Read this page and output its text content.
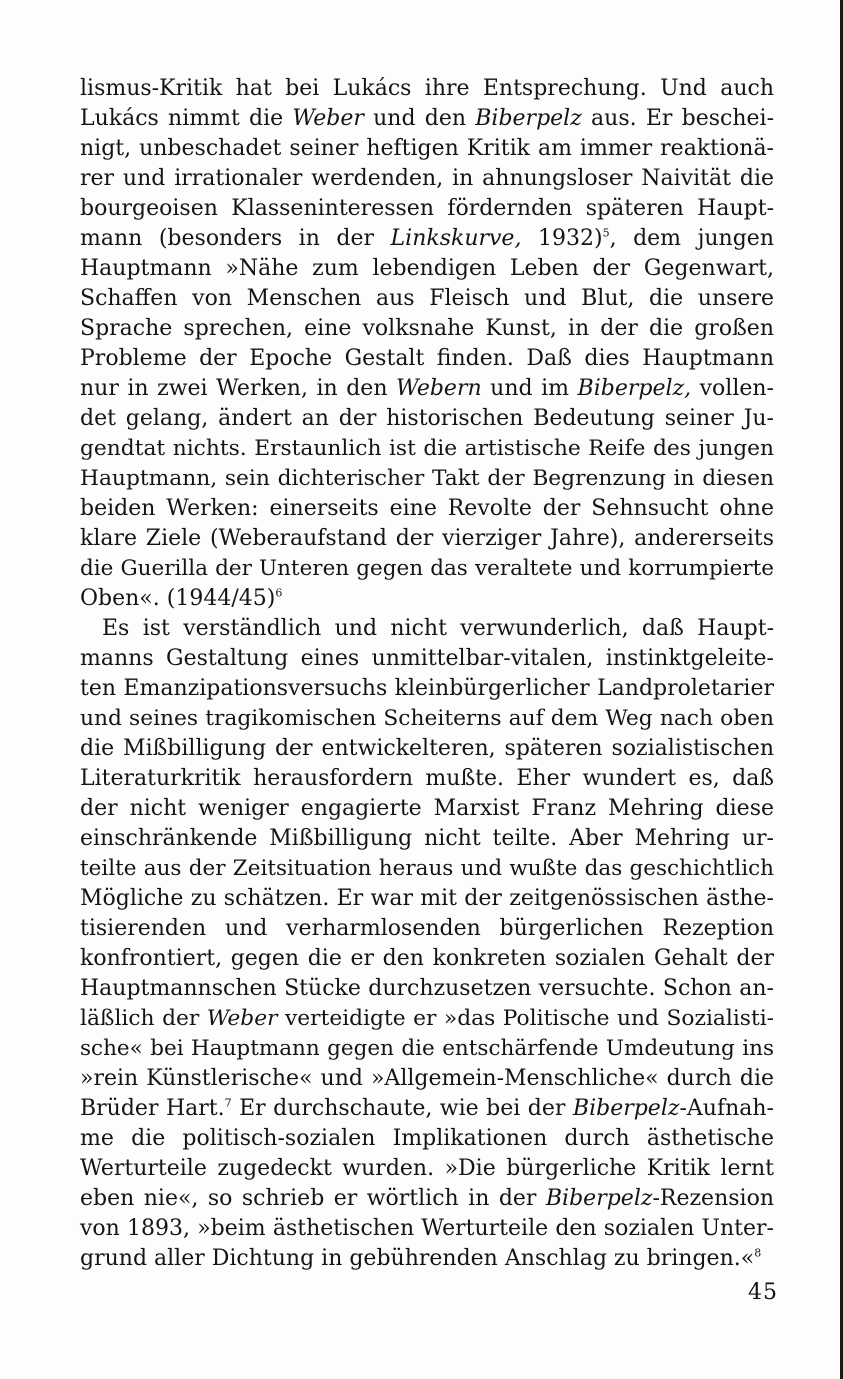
lismus-Kritik hat bei Lukács ihre Entsprechung. Und auch
Lukács nimmt die Weber und den Biberpelz aus. Er beschei-
nigt, unbeschadet seiner heftigen Kritik am immer reaktionä-
rer und irrationaler werdenden, in ahnungsloser Naivität die
bourgeoisen Klasseninteressen fördernden späteren Haupt-
mann (besonders in der Linkskurve, 1932)$^5$, dem jungen
Hauptmann »Nähe zum lebendigen Leben der Gegenwart,
Schaffen von Menschen aus Fleisch und Blut, die unsere
Sprache sprechen, eine volksnahe Kunst, in der die großen
Probleme der Epoche Gestalt finden. Daß dies Hauptmann
nur in zwei Werken, in den Webern und im Biberpelz, vollen-
det gelang, ändert an der historischen Bedeutung seiner Ju-
gendtat nichts. Erstaunlich ist die artistische Reife des jungen
Hauptmann, sein dichterischer Takt der Begrenzung in diesen
beiden Werken: einerseits eine Revolte der Sehnsucht ohne
klare Ziele (Weberaufstand der vierziger Jahre), andererseits
die Guerilla der Unteren gegen das veraltete und korrumpierte
Oben«. $(1944/45)^6$
Es ist verständlich und nicht verwunderlich, daß Haupt-
manns Gestaltung eines unmittelbar-vitalen, instinktgeleite-
ten Emanzipationsversuchs kleinbürgerlicher Landproletarier
und seines tragikomischen Scheiterns auf dem Weg nach oben
die Mißbilligung der entwickelteren, späteren sozialistischen
Literaturkritik herausfordern mußte. Eher wundert es, daß
der nicht weniger engagierte Marxist Franz Mehring diese
einschränkende Mißbilligung nicht teilte. Aber Mehring ur-
teilte aus der Zeitsituation heraus und wußte das geschichtlich
Mögliche zu schätzen. Er war mit der zeitgenössischen ästhe-
tisierenden und verharmlosenden bürgerlichen Rezeption
konfrontiert, gegen die er den konkreten sozialen Gehalt der
Hauptmannschen Stücke durchzusetzen versuchte. Schon an-
läßlich der Weber verteidigte er »das Politische und Sozialisti-
sche« bei Hauptmann gegen die entschärfende Umdeutung ins
»rein Künstlerische« und »Allgemein-Menschliche« durch die
Brüder Hart.$^7$ Er durchschaute, wie bei der Biberpelz-Aufnah-
me die politisch-sozialen Implikationen durch ästhetische
Werturteile zugedeckt wurden. »Die bürgerliche Kritik lernt
eben nie«, so schrieb er wörtlich in der Biberpelz-Rezension
von 1893, »beim ästhetischen Werturteile den sozialen Unter-
grund aller Dichtung in gebührenden Anschlag zu bringen.«$^8$
45
